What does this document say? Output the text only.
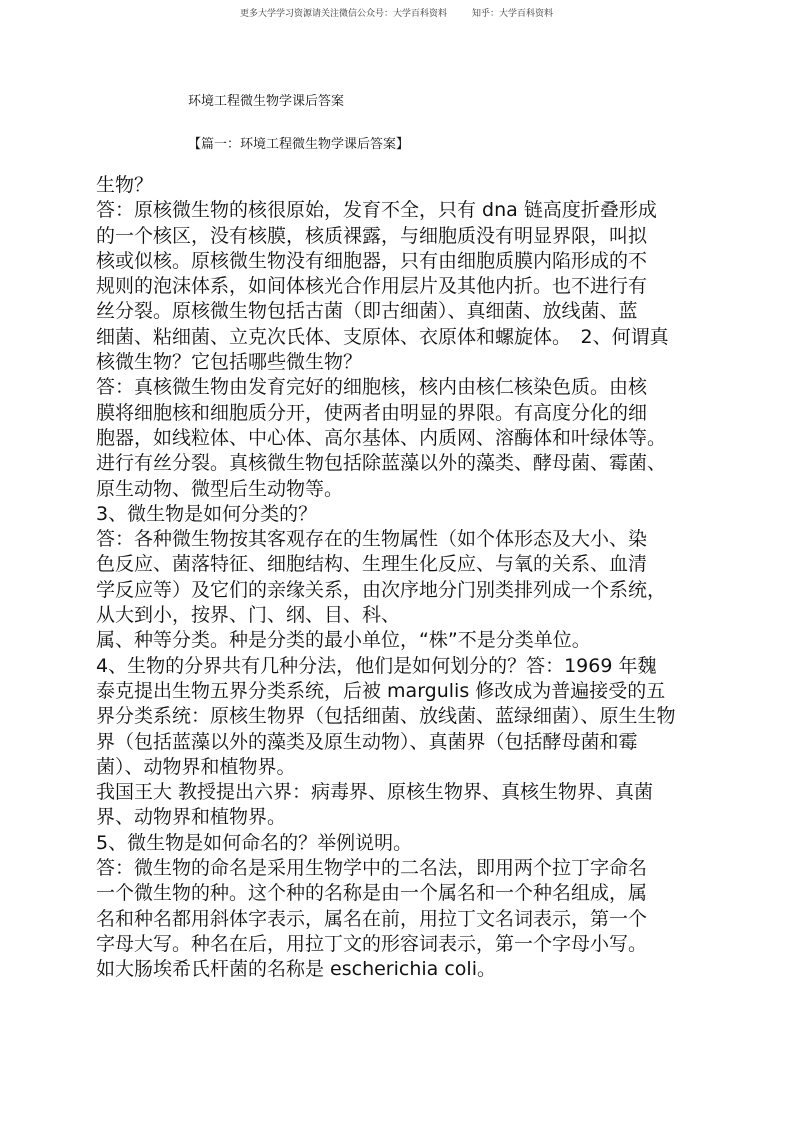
更多大学学习资源请关注微信公众号：大学百科资料	知乎：大学百科资料
环境工程微生物学课后答案
【篇一：环境工程微生物学课后答案】
生物？
答：原核微生物的核很原始，发育不全，只有 dna 链高度折叠形成
的一个核区，没有核膜，核质裸露，与细胞质没有明显界限，叫拟
核或似核。原核微生物没有细胞器，只有由细胞质膜内陷形成的不
规则的泡沫体系，如间体核光合作用层片及其他内折。也不进行有
丝分裂。原核微生物包括古菌（即古细菌）、真细菌、放线菌、蓝
细菌、粘细菌、立克次氏体、支原体、衣原体和螺旋体。　2、何谓真
核微生物？它包括哪些微生物？
答：真核微生物由发育完好的细胞核，核内由核仁核染色质。由核
膜将细胞核和细胞质分开，使两者由明显的界限。有高度分化的细
胞器，如线粒体、中心体、高尔基体、内质网、溶酶体和叶绿体等。
进行有丝分裂。真核微生物包括除蓝藻以外的藻类、酵母菌、霉菌、
原生动物、微型后生动物等。
3、微生物是如何分类的？
答：各种微生物按其客观存在的生物属性（如个体形态及大小、染
色反应、菌落特征、细胞结构、生理生化反应、与氧的关系、血清
学反应等）及它们的亲缘关系，由次序地分门别类排列成一个系统，
从大到小，按界、门、纲、目、科、
属、种等分类。种是分类的最小单位，“株”不是分类单位。
4、生物的分界共有几种分法，他们是如何划分的？答：1969 年魏
泰克提出生物五界分类系统，后被 margulis 修改成为普遍接受的五
界分类系统：原核生物界（包括细菌、放线菌、蓝绿细菌）、原生生物
界（包括蓝藻以外的藻类及原生动物）、真菌界（包括酵母菌和霉
菌）、动物界和植物界。
我国王大 教授提出六界：病毒界、原核生物界、真核生物界、真菌
界、动物界和植物界。
5、微生物是如何命名的？举例说明。
答：微生物的命名是采用生物学中的二名法，即用两个拉丁字命名
一个微生物的种。这个种的名称是由一个属名和一个种名组成，属
名和种名都用斜体字表示，属名在前，用拉丁文名词表示，第一个
字母大写。种名在后，用拉丁文的形容词表示，第一个字母小写。
如大肠埃希氏杆菌的名称是 escherichia coli。
